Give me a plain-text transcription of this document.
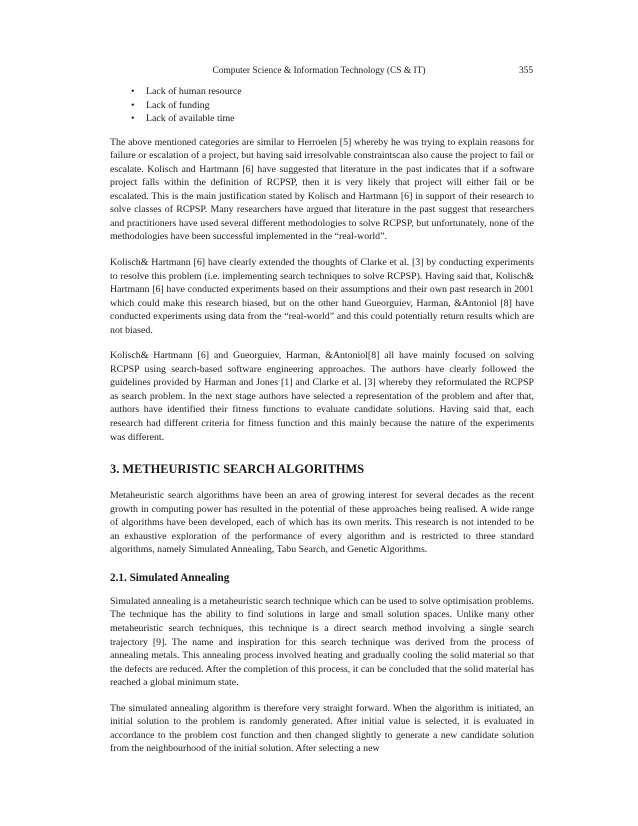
Computer Science & Information Technology (CS & IT)	355
• Lack of human resource
• Lack of funding
• Lack of available time

The above mentioned categories are similar to Herroelen [5] whereby he was trying to explain reasons for failure or escalation of a project, but having said irresolvable constraintscan also cause the project to fail or escalate. Kolisch and Hartmann [6] have suggested that literature in the past indicates that if a software project falls within the definition of RCPSP, then it is very likely that project will either fail or be escalated. This is the main justification stated by Kolisch and Hartmann [6] in support of their research to solve classes of RCPSP. Many researchers have argued that literature in the past suggest that researchers and practitioners have used several different methodologies to solve RCPSP, but unfortunately, none of the methodologies have been successful implemented in the “real-world”.

Kolisch& Hartmann [6] have clearly extended the thoughts of Clarke et al. [3] by conducting experiments to resolve this problem (i.e. implementing search techniques to solve RCPSP). Having said that, Kolisch& Hartmann [6] have conducted experiments based on their assumptions and their own past research in 2001 which could make this research biased, but on the other hand Gueorguiev, Harman, &Antoniol [8] have conducted experiments using data from the “real-world” and this could potentially return results which are not biased.

Kolisch& Hartmann [6] and Gueorguiev, Harman, &Antoniol[8] all have mainly focused on solving RCPSP using search-based software engineering approaches. The authors have clearly followed the guidelines provided by Harman and Jones [1] and Clarke et al. [3] whereby they reformulated the RCPSP as search problem. In the next stage authors have selected a representation of the problem and after that, authors have identified their fitness functions to evaluate candidate solutions. Having said that, each research had different criteria for fitness function and this mainly because the nature of the experiments was different.

3. METHEURISTIC SEARCH ALGORITHMS

Metaheuristic search algorithms have been an area of growing interest for several decades as the recent growth in computing power has resulted in the potential of these approaches being realised. A wide range of algorithms have been developed, each of which has its own merits. This research is not intended to be an exhaustive exploration of the performance of every algorithm and is restricted to three standard algorithms, namely Simulated Annealing, Tabu Search, and Genetic Algorithms.

2.1. Simulated Annealing

Simulated annealing is a metaheuristic search technique which can be used to solve optimisation problems. The technique has the ability to find solutions in large and small solution spaces. Unlike many other metaheuristic search techniques, this technique is a direct search method involving a single search trajectory [9]. The name and inspiration for this search technique was derived from the process of annealing metals. This annealing process involved heating and gradually cooling the solid material so that the defects are reduced. After the completion of this process, it can be concluded that the solid material has reached a global minimum state.

The simulated annealing algorithm is therefore very straight forward. When the algorithm is initiated, an initial solution to the problem is randomly generated. After initial value is selected, it is evaluated in accordance to the problem cost function and then changed slightly to generate a new candidate solution from the neighbourhood of the initial solution. After selecting a new
